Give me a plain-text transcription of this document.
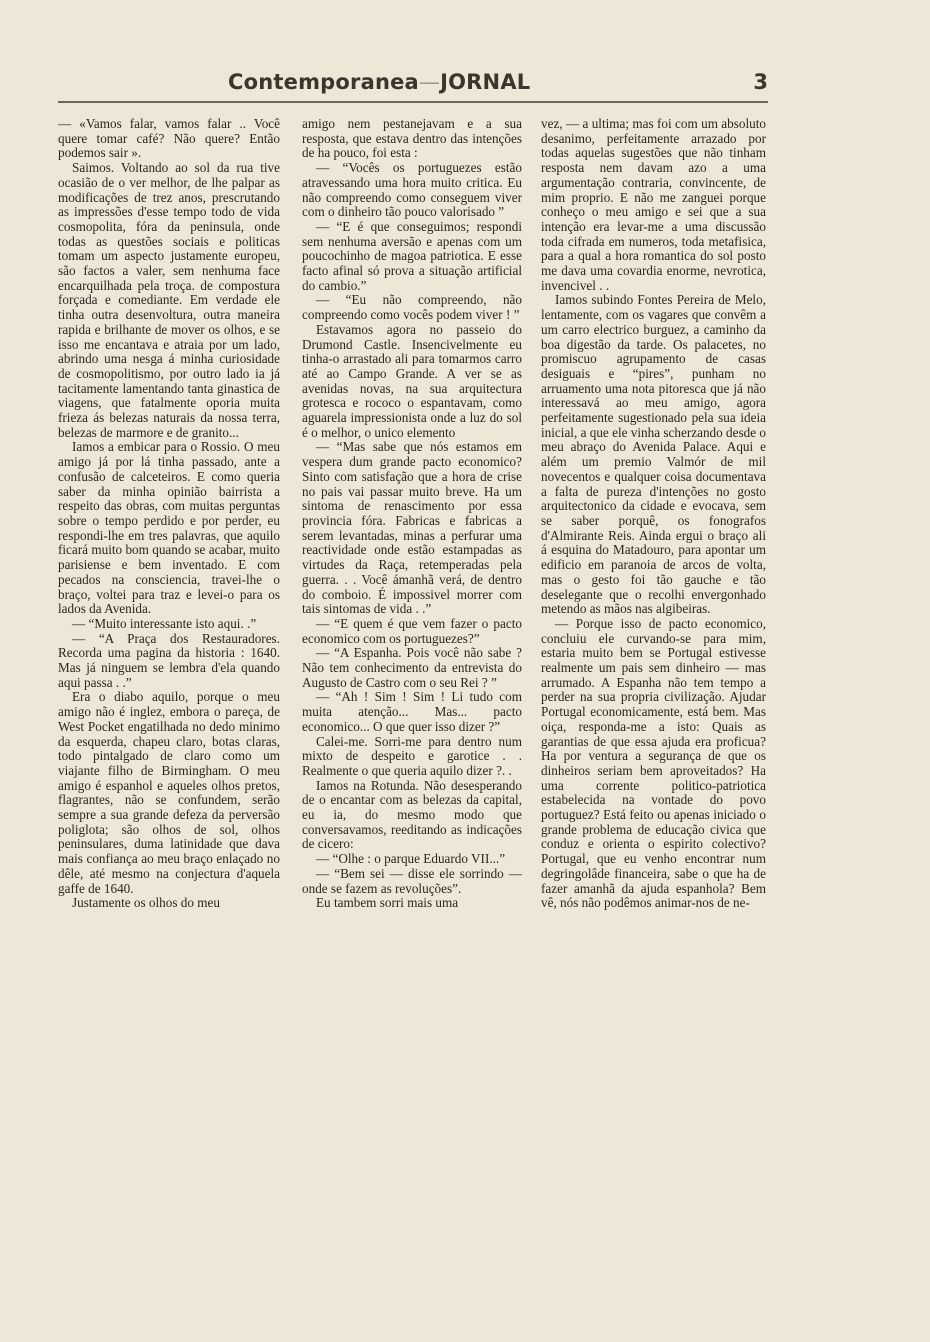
Contemporanea—JORNAL	3

— «Vamos falar, vamos falar .. Você quere tomar café? Não quere? Então podemos sair ».

Saimos. Voltando ao sol da rua tive ocasião de o ver melhor, de lhe palpar as modificações de trez anos, prescrutando as impressões d'esse tempo todo de vida cosmopolita, fóra da peninsula, onde todas as questões sociais e politicas tomam um aspecto justamente europeu, são factos a valer, sem nenhuma face encarquilhada pela troça. de compostura forçada e comediante. Em verdade ele tinha outra desenvoltura, outra maneira rapida e brilhante de mover os olhos, e se isso me encantava e atraia por um lado, abrindo uma nesga á minha curiosidade de cosmopolitismo, por outro lado ia já tacitamente lamentando tanta ginastica de viagens, que fatalmente oporia muita frieza ás belezas naturais da nossa terra, belezas de marmore e de granito...

Iamos a embicar para o Rossio. O meu amigo já por lá tinha passado, ante a confusão de calceteiros. E como queria saber da minha opinião bairrista a respeito das obras, com muitas perguntas sobre o tempo perdido e por perder, eu respondi-lhe em tres palavras, que aquilo ficará muito bom quando se acabar, muito parisiense e bem inventado. E com pecados na consciencia, travei-lhe o braço, voltei para traz e levei-o para os lados da Avenida.

— “Muito interessante isto aqui. .”

— “A Praça dos Restauradores. Recorda uma pagina da historia : 1640. Mas já ninguem se lembra d'ela quando aqui passa . .”

Era o diabo aquilo, porque o meu amigo não é inglez, embora o pareça, de West Pocket engatilhada no dedo minimo da esquerda, chapeu claro, botas claras, todo pintalgado de claro como um viajante filho de Birmingham. O meu amigo é espanhol e aqueles olhos pretos, flagrantes, não se confundem, serão sempre a sua grande defeza da perversão poliglota; são olhos de sol, olhos peninsulares, duma latinidade que dava mais confiança ao meu braço enlaçado no dêle, até mesmo na conjectura d'aquela gaffe de 1640.

Justamente os olhos do meu

amigo nem pestanejavam e a sua resposta, que estava dentro das intenções de ha pouco, foi esta :

— “Vocês os portuguezes estão atravessando uma hora muito critica. Eu não compreendo como conseguem viver com o dinheiro tão pouco valorisado ”

— “E é que conseguimos; respondi sem nenhuma aversão e apenas com um poucochinho de magoa patriotica. E esse facto afinal só prova a situação artificial do cambio.”

— “Eu não compreendo, não compreendo como vocês podem viver ! ”

Estavamos agora no passeio do Drumond Castle. Insencivelmente eu tinha-o arrastado ali para tomarmos carro até ao Campo Grande. A ver se as avenidas novas, na sua arquitectura grotesca e rococo o espantavam, como aguarela impressionista onde a luz do sol é o melhor, o unico elemento

— “Mas sabe que nós estamos em vespera dum grande pacto economico? Sinto com satisfação que a hora de crise no pais vai passar muito breve. Ha um sintoma de renascimento por essa provincia fóra. Fabricas e fabricas a serem levantadas, minas a perfurar uma reactividade onde estão estampadas as virtudes da Raça, retemperadas pela guerra. . . Você ámanhã verá, de dentro do comboio. É impossivel morrer com tais sintomas de vida . .”

— “E quem é que vem fazer o pacto economico com os portuguezes?”

— “A Espanha. Pois você não sabe ? Não tem conhecimento da entrevista do Augusto de Castro com o seu Rei ? ”

— “Ah ! Sim ! Sim ! Li tudo com muita atenção... Mas... pacto economico... O que quer isso dizer ?”

Calei-me. Sorri-me para dentro num mixto de despeito e garotice . . Realmente o que queria aquilo dizer ?. .

Iamos na Rotunda. Não desesperando de o encantar com as belezas da capital, eu ia, do mesmo modo que conversavamos, reeditando as indicações de cicero:

— “Olhe : o parque Eduardo VII...”

— “Bem sei — disse ele sorrindo — onde se fazem as revoluções”.

Eu tambem sorri mais uma

vez, — a ultima; mas foi com um absoluto desanimo, perfeitamente arrazado por todas aquelas sugestões que não tinham resposta nem davam azo a uma argumentação contraria, convincente, de mim proprio. E não me zanguei porque conheço o meu amigo e sei que a sua intenção era levar-me a uma discussão toda cifrada em numeros, toda metafisica, para a qual a hora romantica do sol posto me dava uma covardia enorme, nevrotica, invencivel . .

Iamos subindo Fontes Pereira de Melo, lentamente, com os vagares que convêm a um carro electrico burguez, a caminho da boa digestão da tarde. Os palacetes, no promiscuo agrupamento de casas desiguais e “pires”, punham no arruamento uma nota pitoresca que já não interessavá ao meu amigo, agora perfeitamente sugestionado pela sua ideia inicial, a que ele vinha scherzando desde o meu abraço do Avenida Palace. Aqui e além um premio Valmór de mil novecentos e qualquer coisa documentava a falta de pureza d'intenções no gosto arquitectonico da cidade e evocava, sem se saber porquê, os fonografos d'Almirante Reis. Ainda ergui o braço ali á esquina do Matadouro, para apontar um edificio em paranoia de arcos de volta, mas o gesto foi tão gauche e tão deselegante que o recolhi envergonhado metendo as mãos nas algibeiras.

— Porque isso de pacto economico, concluiu ele curvando-se para mim, estaria muito bem se Portugal estivesse realmente um pais sem dinheiro — mas arrumado. A Espanha não tem tempo a perder na sua propria civilização. Ajudar Portugal economicamente, está bem. Mas oiça, responda-me a isto: Quais as garantias de que essa ajuda era proficua? Ha por ventura a segurança de que os dinheiros seriam bem aproveitados? Ha uma corrente politico-patriotica estabelecida na vontade do povo portuguez? Está feito ou apenas iniciado o grande problema de educação civica que conduz e orienta o espirito colectivo? Portugal, que eu venho encontrar num degringolâde financeira, sabe o que ha de fazer amanhã da ajuda espanhola? Bem vê, nós não podêmos animar-nos de ne-
